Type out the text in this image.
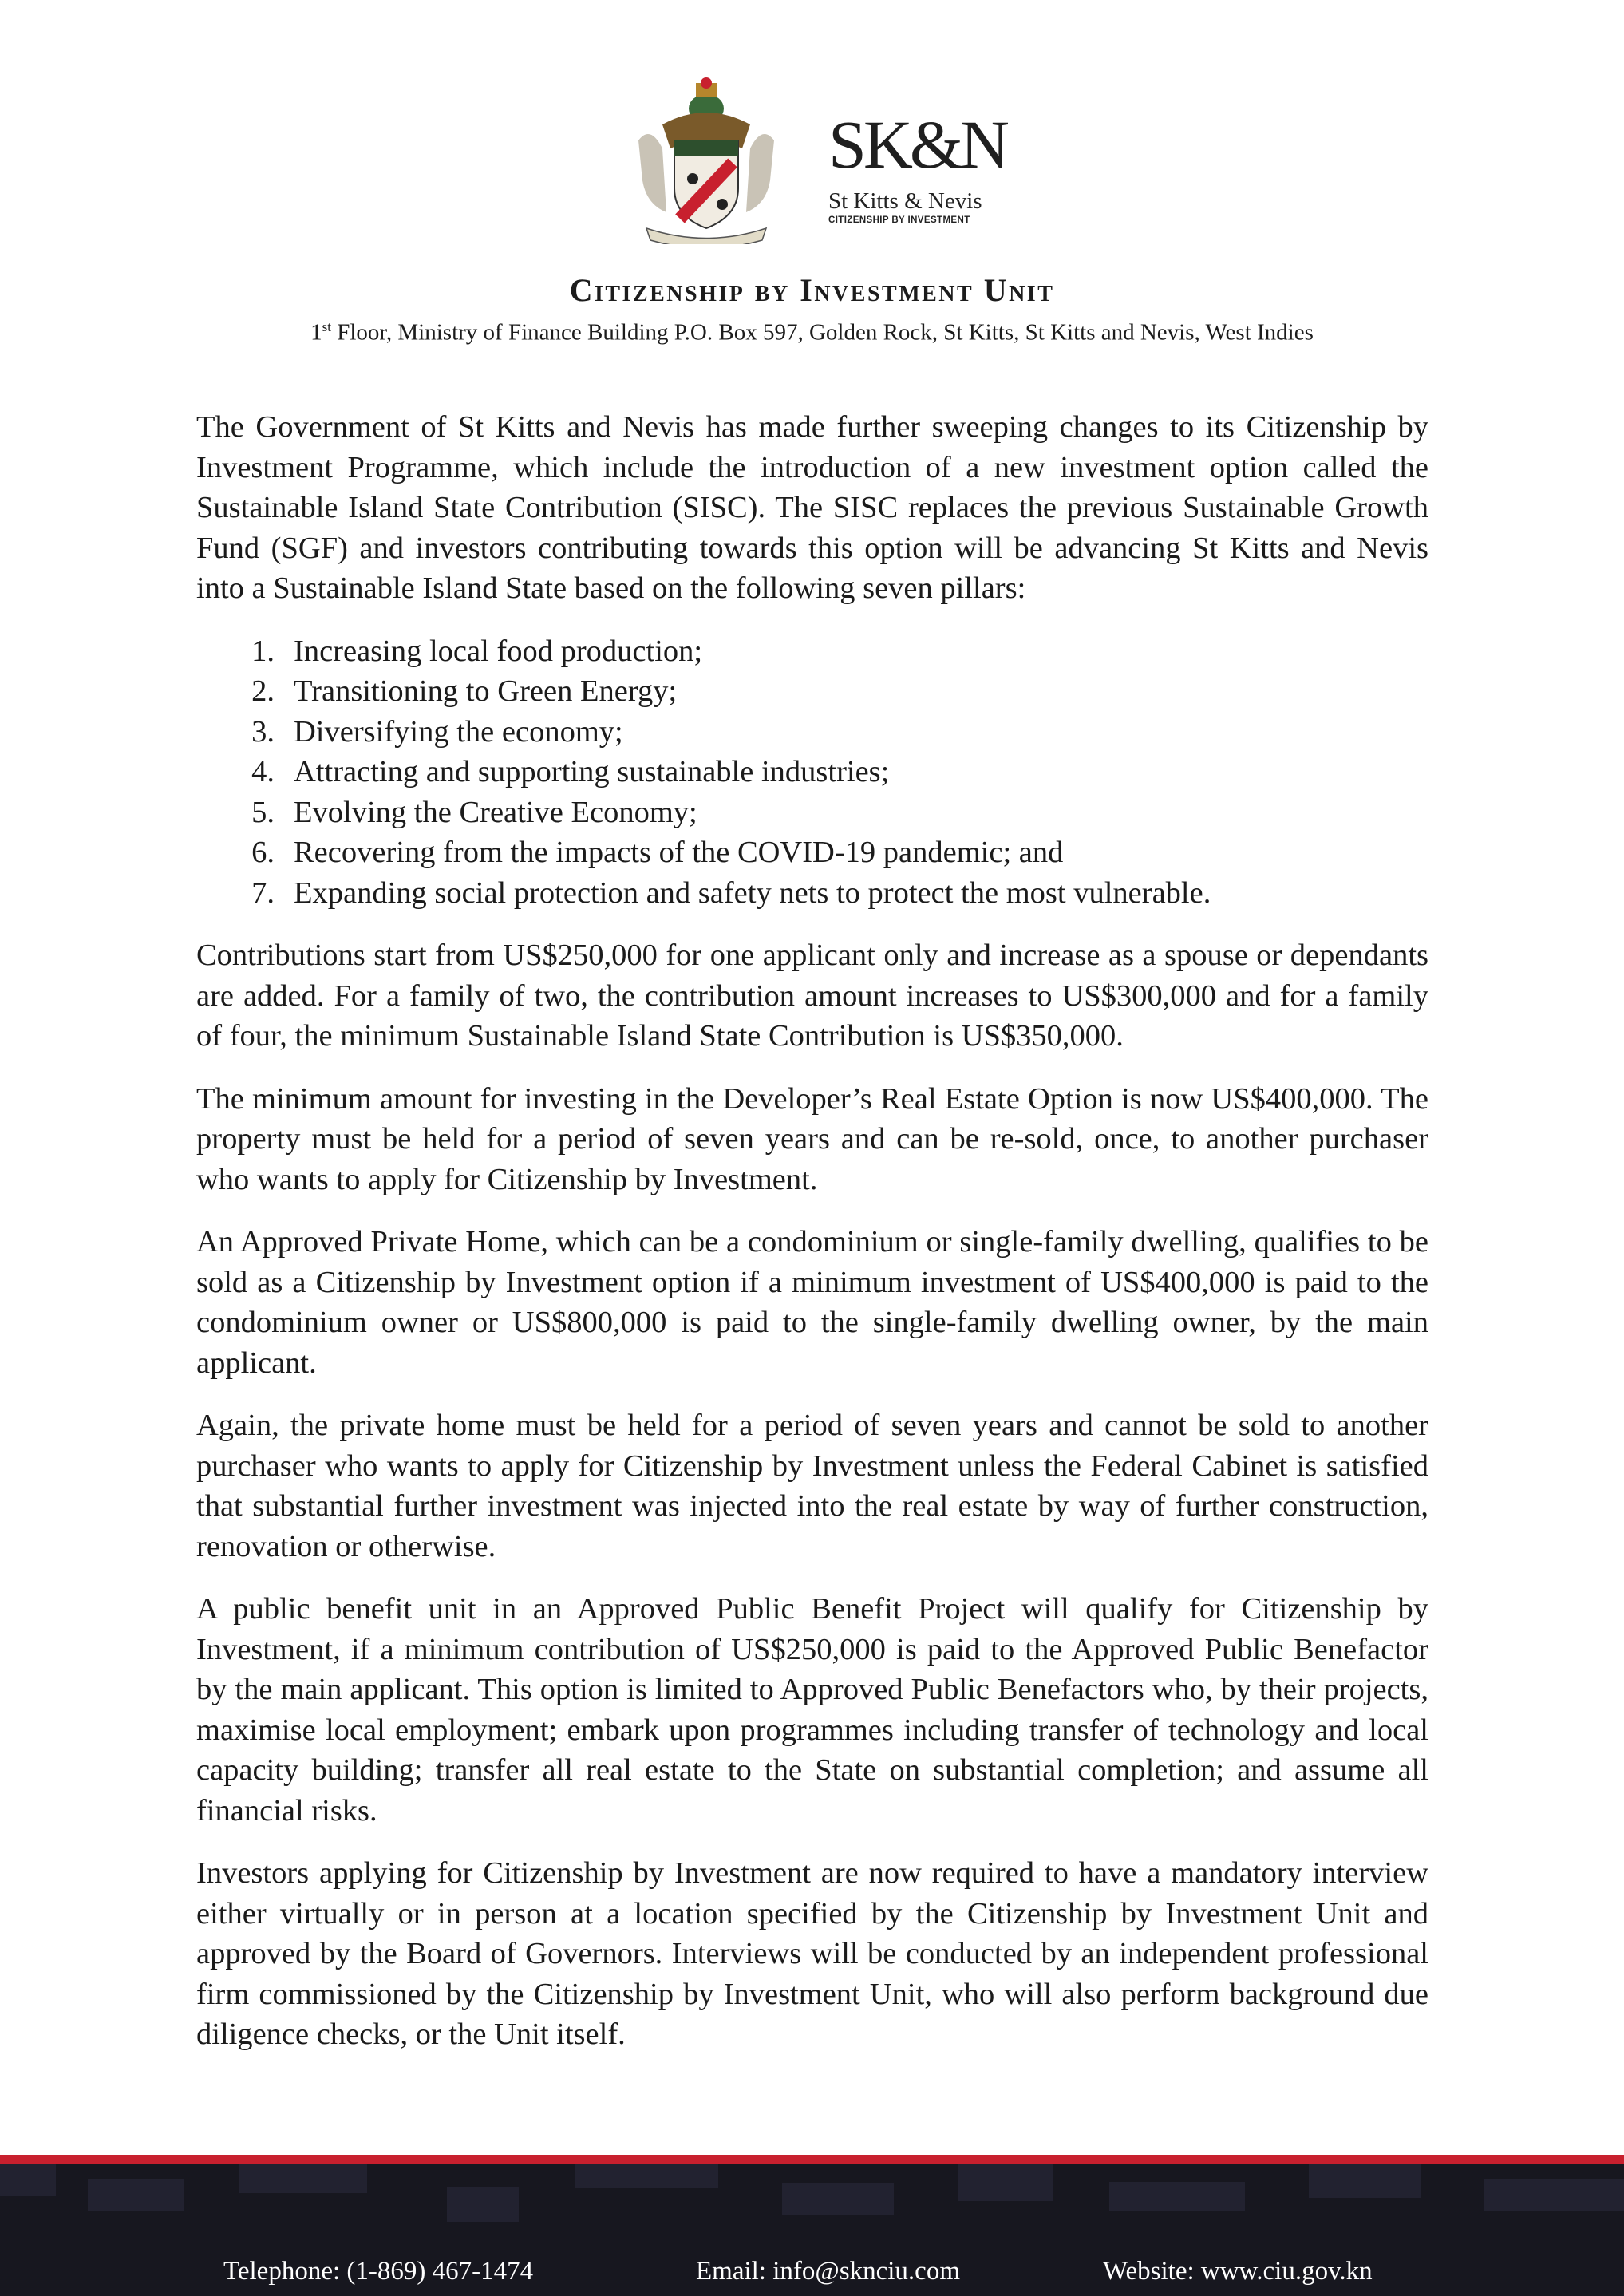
SK&N
St Kitts & Nevis
CITIZENSHIP BY INVESTMENT
Citizenship by Investment Unit
1st Floor, Ministry of Finance Building P.O. Box 597, Golden Rock, St Kitts, St Kitts and Nevis, West Indies

The Government of St Kitts and Nevis has made further sweeping changes to its Citizenship by Investment Programme, which include the introduction of a new investment option called the Sustainable Island State Contribution (SISC). The SISC replaces the previous Sustainable Growth Fund (SGF) and investors contributing towards this option will be advancing St Kitts and Nevis into a Sustainable Island State based on the following seven pillars:

1. Increasing local food production;
2. Transitioning to Green Energy;
3. Diversifying the economy;
4. Attracting and supporting sustainable industries;
5. Evolving the Creative Economy;
6. Recovering from the impacts of the COVID-19 pandemic; and
7. Expanding social protection and safety nets to protect the most vulnerable.

Contributions start from US$250,000 for one applicant only and increase as a spouse or dependants are added. For a family of two, the contribution amount increases to US$300,000 and for a family of four, the minimum Sustainable Island State Contribution is US$350,000.

The minimum amount for investing in the Developer’s Real Estate Option is now US$400,000. The property must be held for a period of seven years and can be re-sold, once, to another purchaser who wants to apply for Citizenship by Investment.

An Approved Private Home, which can be a condominium or single-family dwelling, qualifies to be sold as a Citizenship by Investment option if a minimum investment of US$400,000 is paid to the condominium owner or US$800,000 is paid to the single-family dwelling owner, by the main applicant.

Again, the private home must be held for a period of seven years and cannot be sold to another purchaser who wants to apply for Citizenship by Investment unless the Federal Cabinet is satisfied that substantial further investment was injected into the real estate by way of further construction, renovation or otherwise.

A public benefit unit in an Approved Public Benefit Project will qualify for Citizenship by Investment, if a minimum contribution of US$250,000 is paid to the Approved Public Benefactor by the main applicant. This option is limited to Approved Public Benefactors who, by their projects, maximise local employment; embark upon programmes including transfer of technology and local capacity building; transfer all real estate to the State on substantial completion; and assume all financial risks.

Investors applying for Citizenship by Investment are now required to have a mandatory interview either virtually or in person at a location specified by the Citizenship by Investment Unit and approved by the Board of Governors. Interviews will be conducted by an independent professional firm commissioned by the Citizenship by Investment Unit, who will also perform background due diligence checks, or the Unit itself.

Telephone: (1-869) 467-1474	Email: info@sknciu.com	Website: www.ciu.gov.kn
